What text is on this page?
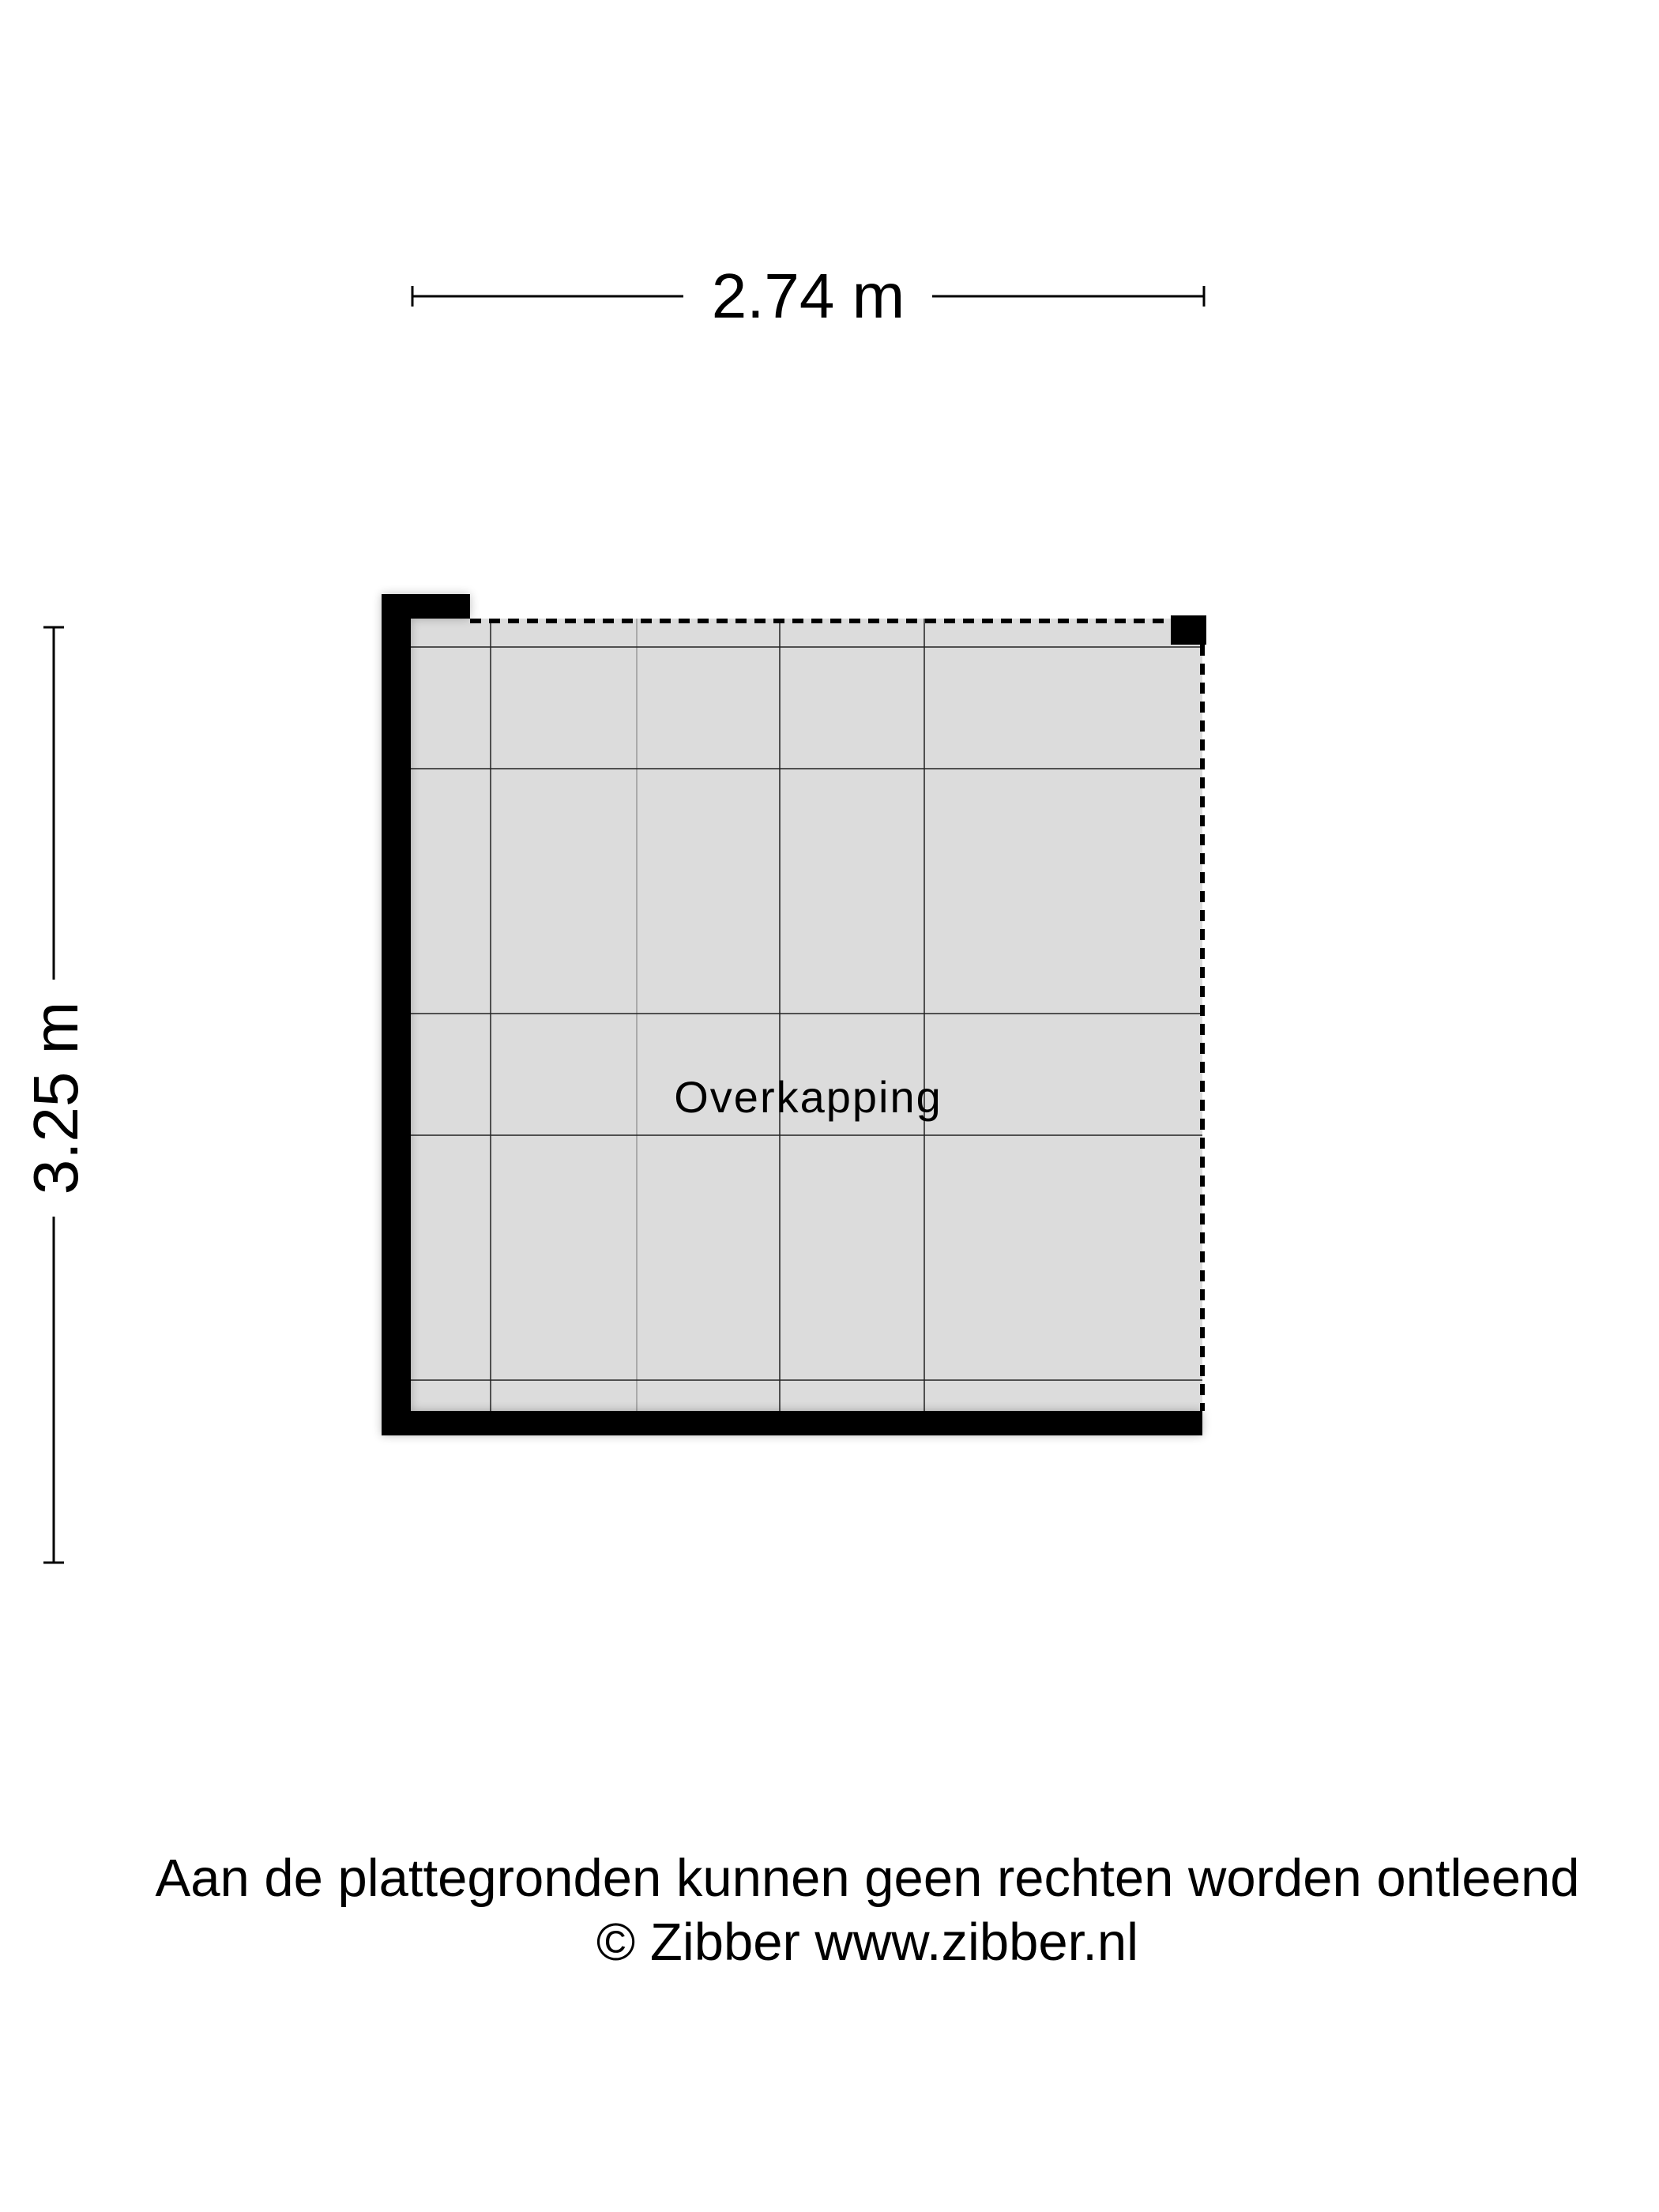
2.74 m
3.25 m	Overkapping
Aan de plattegronden kunnen geen rechten worden ontleend
© Zibber www.zibber.nl
